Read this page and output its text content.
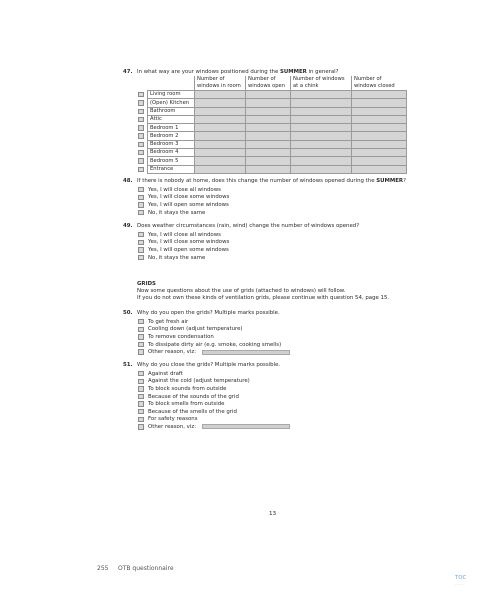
47. In what way are your windows positioned during the SUMMER in general?
		Number of windows in room	Number of windows open	Number of windows at a chink	Number of windows closed

	Living room				

	(Open) Kitchen				

	Bathroom				

	Attic				

	Bedroom 1				

	Bedroom 2				

	Bedroom 3				

	Bedroom 4				

	Bedroom 5				

	Entrance				
48. If there is nobody at home, does this change the number of windows opened during the SUMMER?
Yes, I will close all windows
Yes, I will close some windows
Yes, I will open some windows
No, it stays the same
49. Does weather circumstances (rain, wind) change the number of windows opened?
Yes, I will close all windows
Yes, I will close some windows
Yes, I will open some windows
No, it stays the same
GRIDS
Now some questions about the use of grids (attached to windows) will follow.
If you do not own these kinds of ventilation grids, please continue with question 54, page 15.
50. Why do you open the grids? Multiple marks possible.
To get fresh air
Cooling down (adjust temperature)
To remove condensation
To dissipate dirty air (e.g. smoke, cooking smells)
Other reason, viz:
51. Why do you close the grids? Multiple marks possible.
Against draft
Against the cold (adjust temperature)
To block sounds from outside
Because of the sounds of the grid
To block smells from outside
Because of the smells of the grid
For safety reasons
Other reason, viz:
13
255 OTB questionnaire
TOC
·····
